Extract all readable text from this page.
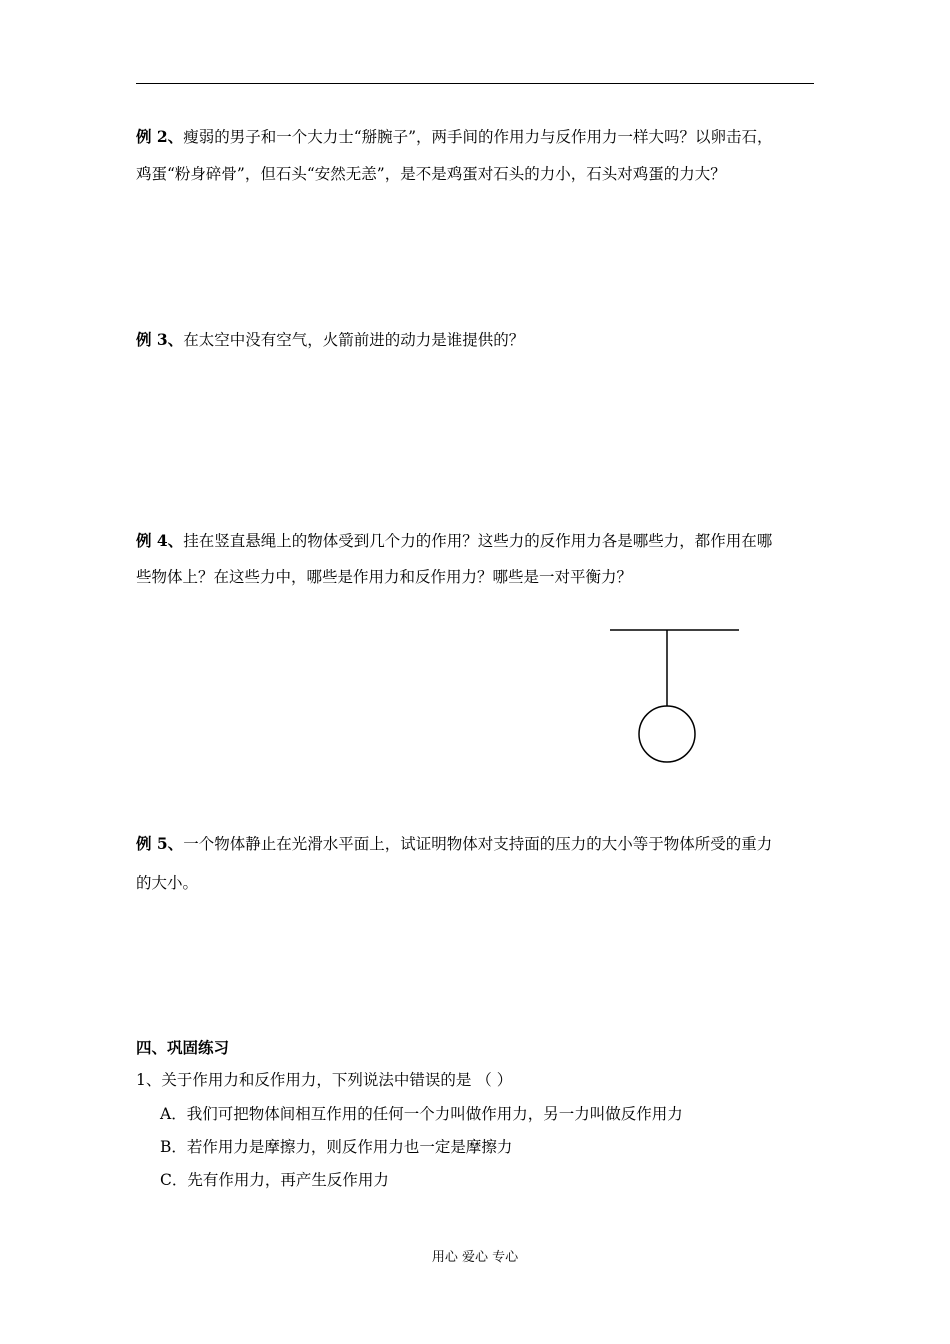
例 2、瘦弱的男子和一个大力士“掰腕子”，两手间的作用力与反作用力一样大吗？以卵击石，
鸡蛋“粉身碎骨”，但石头“安然无恙”，是不是鸡蛋对石头的力小，石头对鸡蛋的力大？
例 3、在太空中没有空气，火箭前进的动力是谁提供的？
例 4、挂在竖直悬绳上的物体受到几个力的作用？这些力的反作用力各是哪些力，都作用在哪
些物体上？在这些力中，哪些是作用力和反作用力？哪些是一对平衡力？
例 5、一个物体静止在光滑水平面上，试证明物体对支持面的压力的大小等于物体所受的重力
的大小。
四、巩固练习
1、关于作用力和反作用力，下列说法中错误的是 （ ）
A．我们可把物体间相互作用的任何一个力叫做作用力，另一力叫做反作用力
B．若作用力是摩擦力，则反作用力也一定是摩擦力
C．先有作用力，再产生反作用力
用心 爱心 专心
